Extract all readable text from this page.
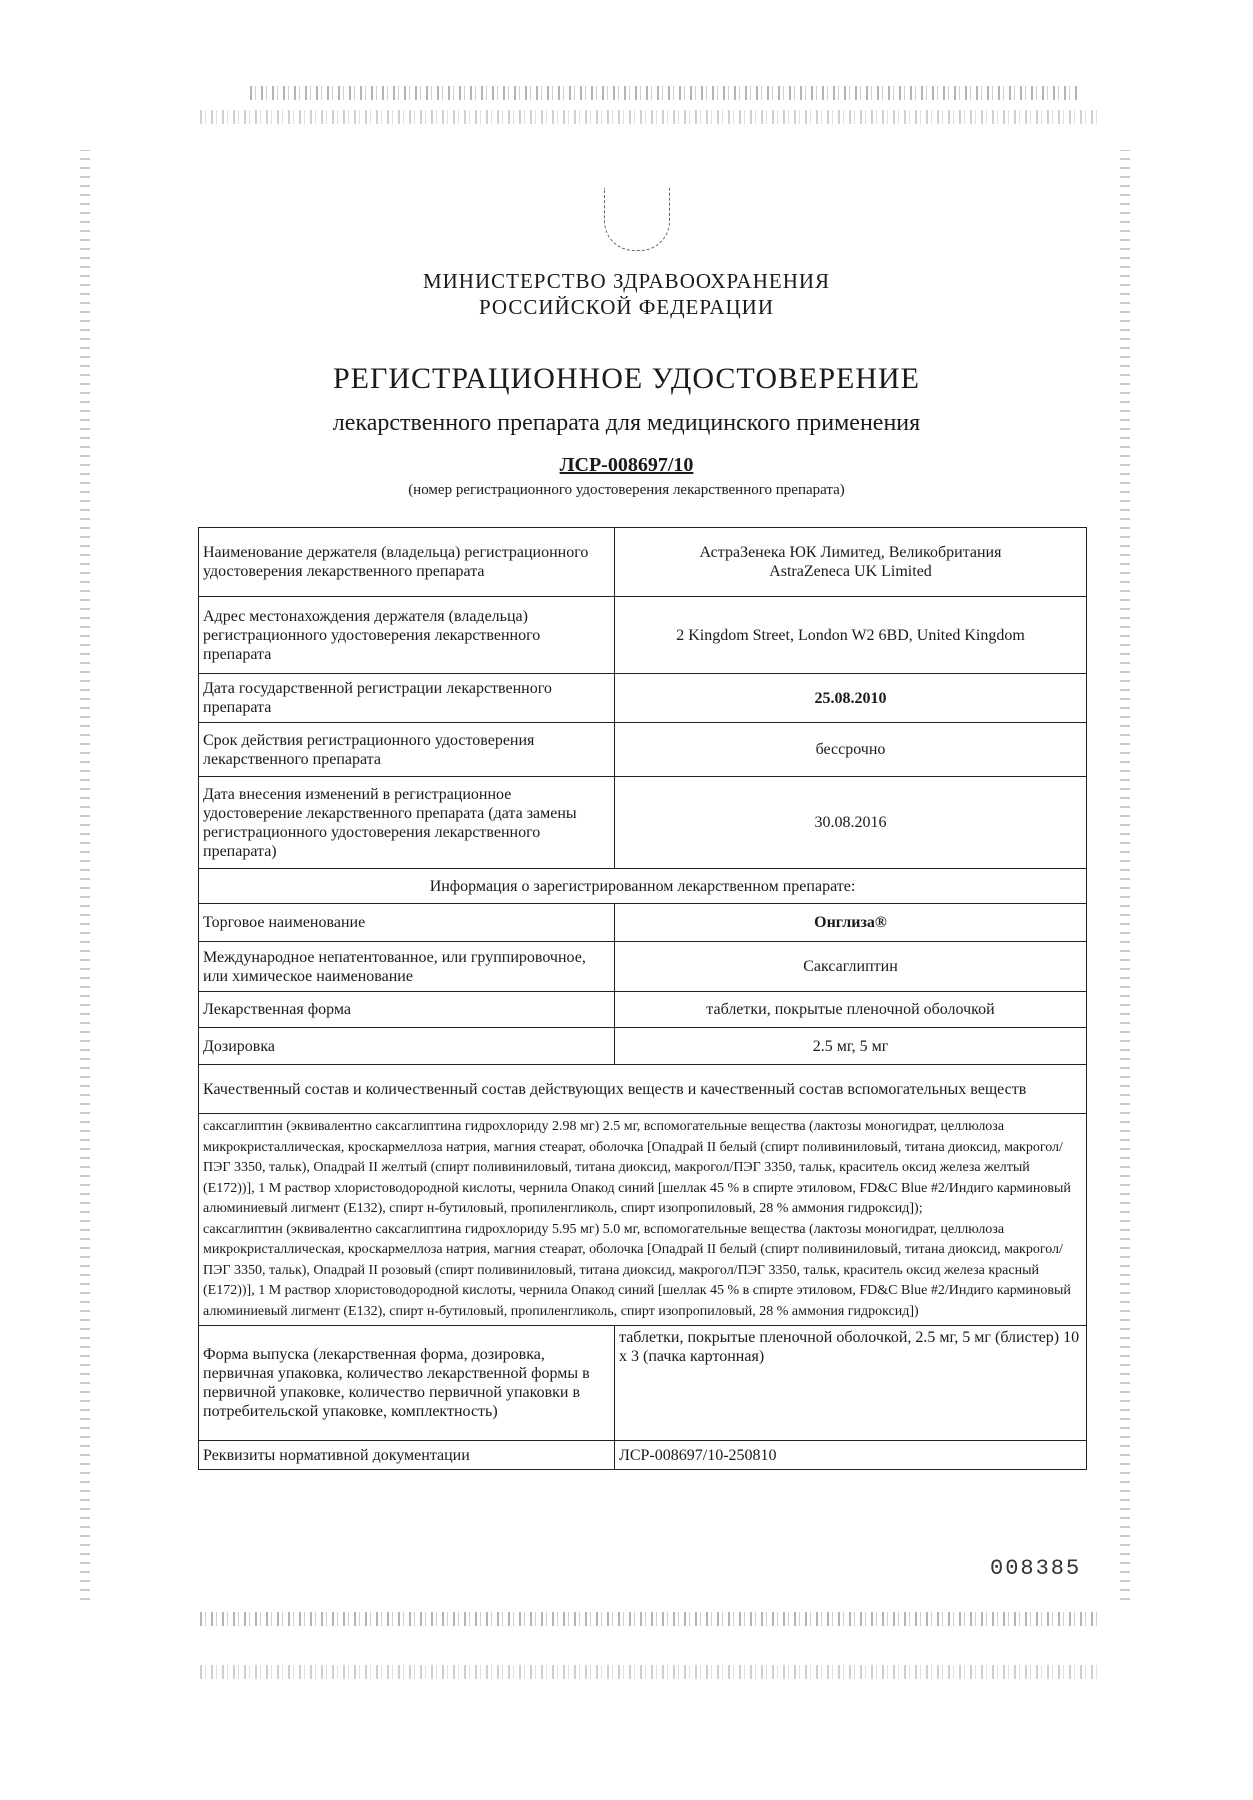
МИНИСТЕРСТВО ЗДРАВООХРАНЕНИЯ
РОССИЙСКОЙ ФЕДЕРАЦИИ
РЕГИСТРАЦИОННОЕ УДОСТОВЕРЕНИЕ
лекарственного препарата для медицинского применения
ЛСР-008697/10
(номер регистрационного удостоверения лекарственного препарата)
Наименование держателя (владельца) регистрационного удостоверения лекарственного препарата	АстраЗенека ЮК Лимитед, Великобритания
AstraZeneca UK Limited

Адрес местонахождения держателя (владельца) регистрационного удостоверения лекарственного препарата	2 Kingdom Street, London W2 6BD, United Kingdom
Дата государственной регистрации лекарственного препарата	25.08.2010
Срок действия регистрационного удостоверения лекарственного препарата	бессрочно
Дата внесения изменений в регистрационное удостоверение лекарственного препарата (дата замены регистрационного удостоверения лекарственного препарата)	30.08.2016
Информация о зарегистрированном лекарственном препарате:	
Торговое наименование	Онглиза®
Международное непатентованное, или группировочное, или химическое наименование	Саксаглиптин
Лекарственная форма	таблетки, покрытые пленочной оболочкой
Дозировка	2.5 мг, 5 мг
Качественный состав и количественный состав действующих веществ и качественный состав вспомогательных веществ	

саксаглиптин (эквивалентно саксаглиптина гидрохлориду 2.98 мг) 2.5 мг, вспомогательные вещества (лактозы моногидрат, целлюлоза микрокристаллическая, кроскармеллоза натрия, магния стеарат, оболочка [Опадрай II белый (спирт поливиниловый, титана диоксид, макрогол/ПЭГ 3350, тальк), Опадрай II желтый (спирт поливиниловый, титана диоксид, макрогол/ПЭГ 3350, тальк, краситель оксид железа желтый (Е172))], 1 М раствор хлористоводородной кислоты, чернила Опакод синий [шеллак 45 % в спирте этиловом, FD&C Blue #2/Индиго карминовый алюминиевый лигмент (Е132), спирт н-бутиловый, пропиленгликоль, спирт изопропиловый, 28 % аммония гидроксид]);
саксаглиптин (эквивалентно саксаглиптина гидрохлориду 5.95 мг) 5.0 мг, вспомогательные вещества (лактозы моногидрат, целлюлоза микрокристаллическая, кроскармеллоза натрия, магния стеарат, оболочка [Опадрай II белый (спирт поливиниловый, титана диоксид, макрогол/ПЭГ 3350, тальк), Опадрай II розовый (спирт поливиниловый, титана диоксид, макрогол/ПЭГ 3350, тальк, краситель оксид железа красный (Е172))], 1 М раствор хлористоводородной кислоты, чернила Опакод синий [шеллак 45 % в спирте этиловом, FD&C Blue #2/Индиго карминовый алюминиевый лигмент (Е132), спирт н-бутиловый, пропиленгликоль, спирт изопропиловый, 28 % аммония гидроксид])	

Форма выпуска (лекарственная форма, дозировка, первичная упаковка, количество лекарственной формы в первичной упаковке, количество первичной упаковки в потребительской упаковке, комплектность)	таблетки, покрытые пленочной оболочкой, 2.5 мг, 5 мг (блистер) 10 х 3 (пачка картонная)
Реквизиты нормативной документации	ЛСР-008697/10-250810
008385
